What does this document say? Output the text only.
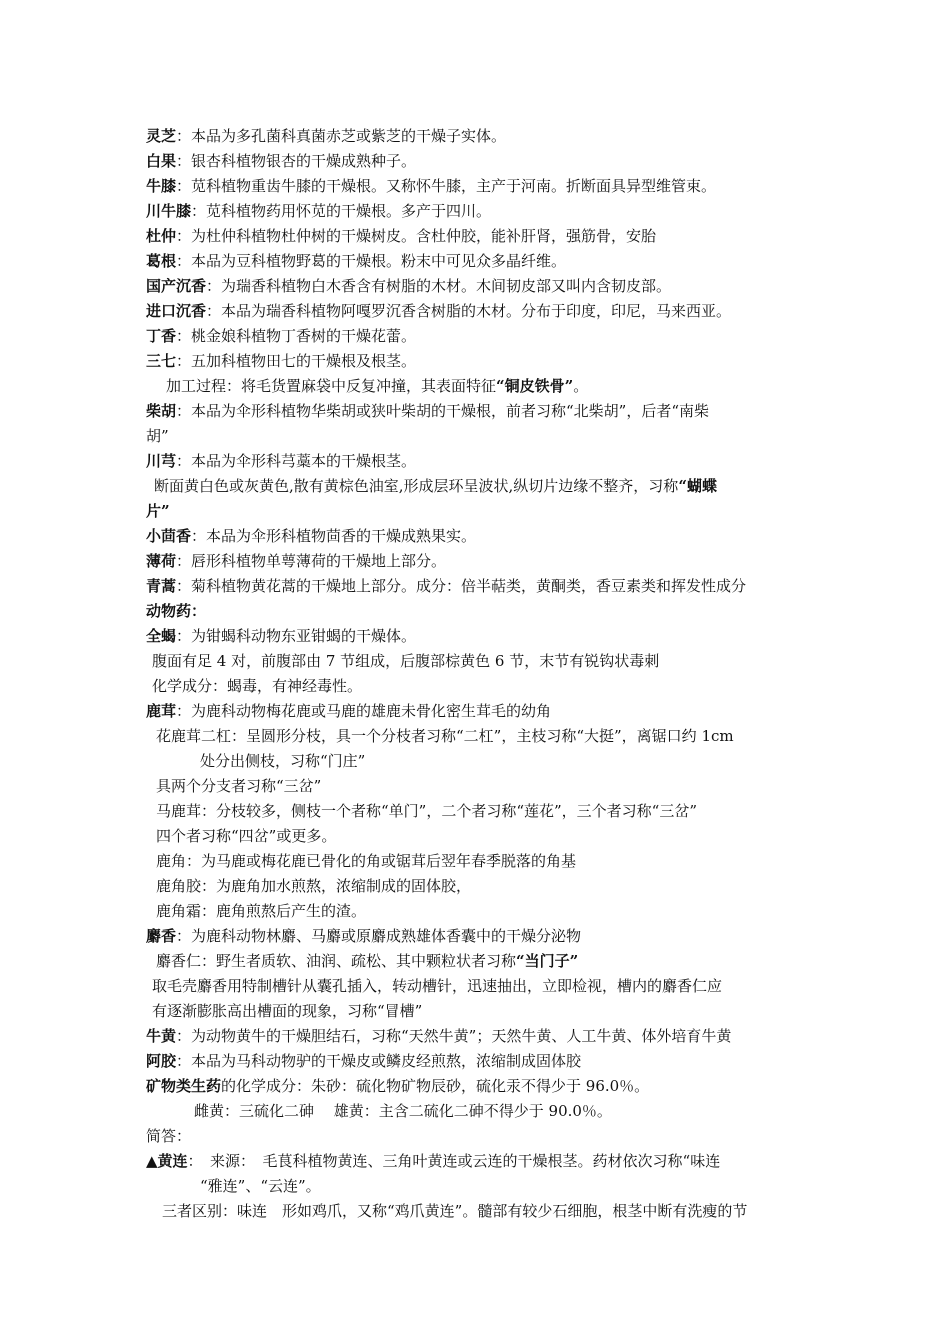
灵芝：本品为多孔菌科真菌赤芝或紫芝的干燥子实体。
白果：银杏科植物银杏的干燥成熟种子。
牛膝：苋科植物重齿牛膝的干燥根。又称怀牛膝，主产于河南。折断面具异型维管束。
川牛膝：苋科植物药用怀苋的干燥根。多产于四川。
杜仲：为杜仲科植物杜仲树的干燥树皮。含杜仲胶，能补肝肾，强筋骨，安胎
葛根：本品为豆科植物野葛的干燥根。粉末中可见众多晶纤维。
国产沉香：为瑞香科植物白木香含有树脂的木材。木间韧皮部又叫内含韧皮部。
进口沉香：本品为瑞香科植物阿嘎罗沉香含树脂的木材。分布于印度，印尼，马来西亚。
丁香：桃金娘科植物丁香树的干燥花蕾。
三七：五加科植物田七的干燥根及根茎。
加工过程：将毛货置麻袋中反复冲撞，其表面特征“铜皮铁骨”。
柴胡：本品为伞形科植物华柴胡或狭叶柴胡的干燥根，前者习称“北柴胡”，后者“南柴
胡”
川芎：本品为伞形科芎藁本的干燥根茎。
断面黄白色或灰黄色,散有黄棕色油室,形成层环呈波状,纵切片边缘不整齐，习称“蝴蝶
片”
小茴香：本品为伞形科植物茴香的干燥成熟果实。
薄荷：唇形科植物单萼薄荷的干燥地上部分。
青蒿：菊科植物黄花蒿的干燥地上部分。成分：倍半萜类，黄酮类，香豆素类和挥发性成分
动物药：
全蝎：为钳蝎科动物东亚钳蝎的干燥体。
腹面有足 4 对，前腹部由 7 节组成，后腹部棕黄色 6 节，末节有锐钩状毒刺
化学成分：蝎毒，有神经毒性。
鹿茸：为鹿科动物梅花鹿或马鹿的雄鹿未骨化密生茸毛的幼角
花鹿茸二杠：呈圆形分枝，具一个分枝者习称“二杠”，主枝习称“大挺”，离锯口约 1cm
处分出侧枝，习称“门庄”
具两个分支者习称“三岔”
马鹿茸：分枝较多，侧枝一个者称“单门”，二个者习称“莲花”，三个者习称“三岔”
四个者习称“四岔”或更多。
鹿角：为马鹿或梅花鹿已骨化的角或锯茸后翌年春季脱落的角基
鹿角胶：为鹿角加水煎熬，浓缩制成的固体胶，
鹿角霜：鹿角煎熬后产生的渣。
麝香：为鹿科动物林麝、马麝或原麝成熟雄体香囊中的干燥分泌物
麝香仁：野生者质软、油润、疏松、其中颗粒状者习称“当门子”
取毛壳麝香用特制槽针从囊孔插入，转动槽针，迅速抽出，立即检视，槽内的麝香仁应
有逐渐膨胀高出槽面的现象，习称“冒槽”
牛黄：为动物黄牛的干燥胆结石，习称“天然牛黄”；天然牛黄、人工牛黄、体外培育牛黄
阿胶：本品为马科动物驴的干燥皮或鳞皮经煎熬，浓缩制成固体胶
矿物类生药的化学成分：朱砂：硫化物矿物辰砂，硫化汞不得少于 96.0％。
雌黄：三硫化二砷　 雄黄：主含二硫化二砷不得少于 90.0％。
简答：
▲黄连：　来源：　毛茛科植物黄连、三角叶黄连或云连的干燥根茎。药材依次习称“味连
“雅连”、“云连”。
三者区别：味连　形如鸡爪，又称“鸡爪黄连”。髓部有较少石细胞，根茎中断有洗瘦的节
